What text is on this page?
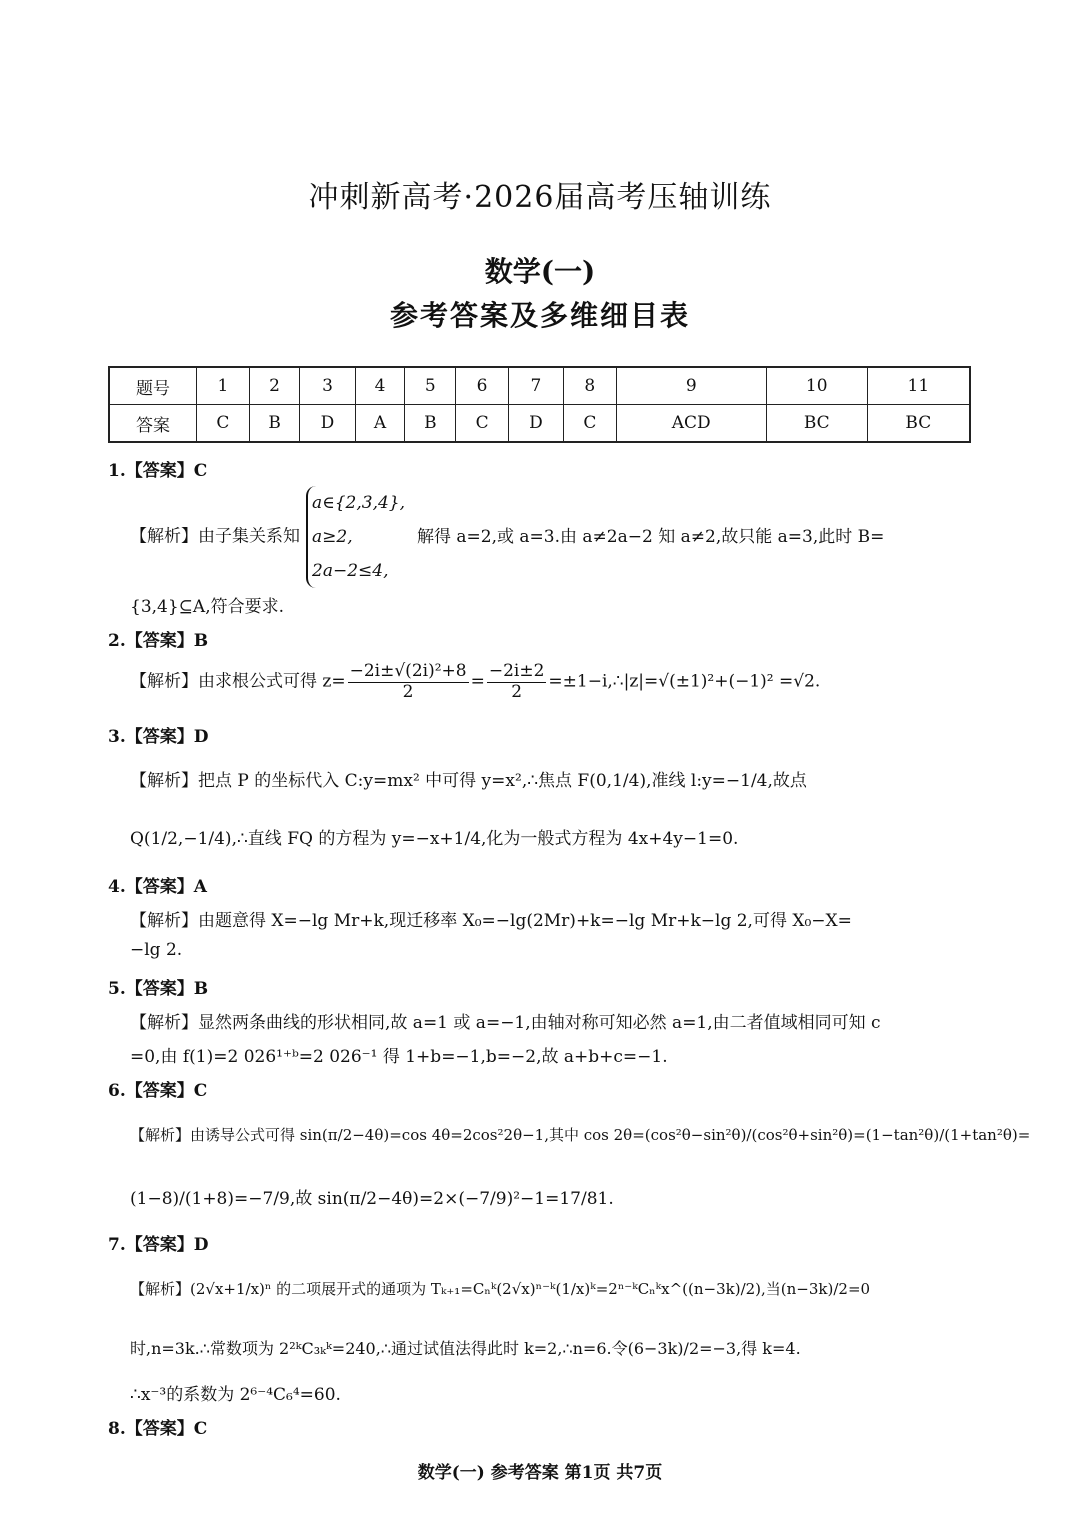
冲刺新高考·2026届高考压轴训练
数学(一)
参考答案及多维细目表
题号	1	2	3	4	5	6	7	8	9	10	11
答案	C	B	D	A	B	C	D	C	ACD	BC	BC
1.【答案】C
【解析】由子集关系知
a∈{2,3,4},
a≥2,
2a−2≤4,
解得 a=2,或 a=3.由 a≠2a−2 知 a≠2,故只能 a=3,此时 B=
{3,4}⊆A,符合要求.
2.【答案】B
【解析】由求根公式可得 $z= \frac{\text{−2i±√(2i)²+8}}{2} = \frac{-2i\pm 2}{2}$ =±1−i,∴|z|=√(±1)²+(−1)² =√2.
3.【答案】D
【解析】把点 P 的坐标代入 C:y=mx² 中可得 y=x²,∴焦点 F(0,1/4),准线 l:y=−1/4,故点
Q(1/2,−1/4),∴直线 FQ 的方程为 y=−x+1/4,化为一般式方程为 4x+4y−1=0.
4.【答案】A
【解析】由题意得 X=−lg Mr+k,现迁移率 X₀=−lg(2Mr)+k=−lg Mr+k−lg 2,可得 X₀−X=
−lg 2.
5.【答案】B
【解析】显然两条曲线的形状相同,故 a=1 或 a=−1,由轴对称可知必然 a=1,由二者值域相同可知 c
=0,由 f(1)=2 026¹⁺ᵇ=2 026⁻¹ 得 1+b=−1,b=−2,故 a+b+c=−1.
6.【答案】C
【解析】由诱导公式可得 sin(π/2−4θ)=cos 4θ=2cos²2θ−1,其中 cos 2θ=(cos²θ−sin²θ)/(cos²θ+sin²θ)=(1−tan²θ)/(1+tan²θ)=
(1−8)/(1+8)=−7/9,故 sin(π/2−4θ)=2×(−7/9)²−1=17/81.
7.【答案】D
【解析】(2√x+1/x)ⁿ 的二项展开式的通项为 Tₖ₊₁=Cₙᵏ(2√x)ⁿ⁻ᵏ(1/x)ᵏ=2ⁿ⁻ᵏCₙᵏx^((n−3k)/2),当(n−3k)/2=0
时,n=3k.∴常数项为 2²ᵏC₃ₖᵏ=240,∴通过试值法得此时 k=2,∴n=6.令(6−3k)/2=−3,得 k=4.
∴x⁻³的系数为 2⁶⁻⁴C₆⁴=60.
8.【答案】C
数学(一) 参考答案 第1页 共7页
